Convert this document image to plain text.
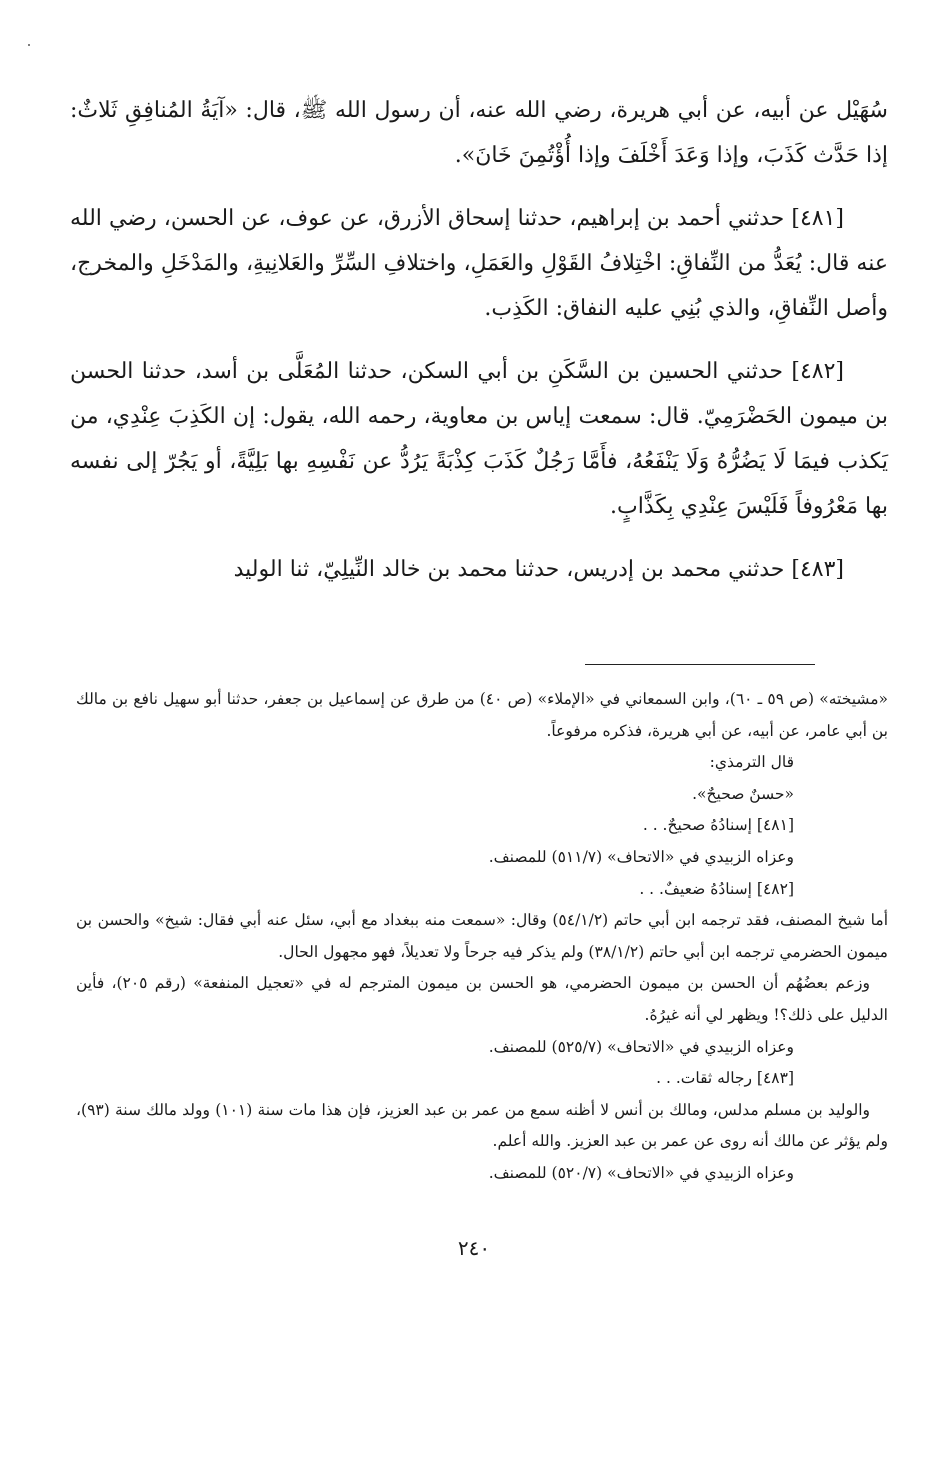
سُهَيْل عن أبيه، عن أبي هريرة، رضي الله عنه، أن رسول الله ﷺ، قال: «آيَةُ المُنافِقِ ثَلاثٌ: إذا حَدَّث كَذَبَ، وإذا وَعَدَ أَخْلَفَ وإذا أُؤْتُمِنَ خَانَ».

[٤٨١] حدثني أحمد بن إبراهيم، حدثنا إسحاق الأزرق، عن عوف، عن الحسن، رضي الله عنه قال: يُعَدُّ من النِّفاقِ: اخْتِلافُ القَوْلِ والعَمَلِ، واختلافِ السِّرِّ والعَلانِيةِ، والمَدْخَلِ والمخرج، وأصل النِّفاقِ، والذي بُنِي عليه النفاق: الكَذِب.

[٤٨٢] حدثني الحسين بن السَّكَنِ بن أبي السكن، حدثنا المُعَلَّى بن أسد، حدثنا الحسن بن ميمون الحَضْرَمِيّ. قال: سمعت إياس بن معاوية، رحمه الله، يقول: إن الكَذِبَ عِنْدِي، من يَكذب فيمَا لَا يَضُرُّهُ وَلَا يَنْفَعُهُ، فأَمَّا رَجُلٌ كَذَبَ كِذْبَةً يَرُدُّ عن نَفْسِهِ بها بَلِيَّةً، أو يَجُرّ إلى نفسه بها مَعْرُوفاً فَلَيْسَ عِنْدِي بِكَذَّابٍ.

[٤٨٣] حدثني محمد بن إدريس، حدثنا محمد بن خالد النِّيلِيّ، ثنا الوليد

«مشيخته» (ص ٥٩ ـ ٦٠)، وابن السمعاني في «الإملاء» (ص ٤٠) من طرق عن إسماعيل بن جعفر، حدثنا أبو سهيل نافع بن مالك بن أبي عامر، عن أبيه، عن أبي هريرة، فذكره مرفوعاً.

قال الترمذي:

«حسنٌ صحيحٌ».

[٤٨١] إسنادُهُ صحيحٌ. . .

وعزاه الزبيدي في «الاتحاف» (٥١١/٧) للمصنف.

[٤٨٢] إسنادُهُ ضعيفٌ. . .

أما شيخ المصنف، فقد ترجمه ابن أبي حاتم (٥٤/١/٢) وقال: «سمعت منه ببغداد مع أبي، سئل عنه أبي فقال: شيخ» والحسن بن ميمون الحضرمي ترجمه ابن أبي حاتم (٣٨/١/٢) ولم يذكر فيه جرحاً ولا تعديلاً، فهو مجهول الحال.

وزعم بعضُهُم أن الحسن بن ميمون الحضرمي، هو الحسن بن ميمون المترجم له في «تعجيل المنفعة» (رقم ٢٠٥)، فأين الدليل على ذلك؟! ويظهر لي أنه غيرُهُ.

وعزاه الزبيدي في «الاتحاف» (٥٢٥/٧) للمصنف.

[٤٨٣] رجاله ثقات. . .

والوليد بن مسلم مدلس، ومالك بن أنس لا أظنه سمع من عمر بن عبد العزيز، فإن هذا مات سنة (١٠١) وولد مالك سنة (٩٣)، ولم يؤثر عن مالك أنه روى عن عمر بن عبد العزيز. والله أعلم.

وعزاه الزبيدي في «الاتحاف» (٥٢٠/٧) للمصنف.

٢٤٠
